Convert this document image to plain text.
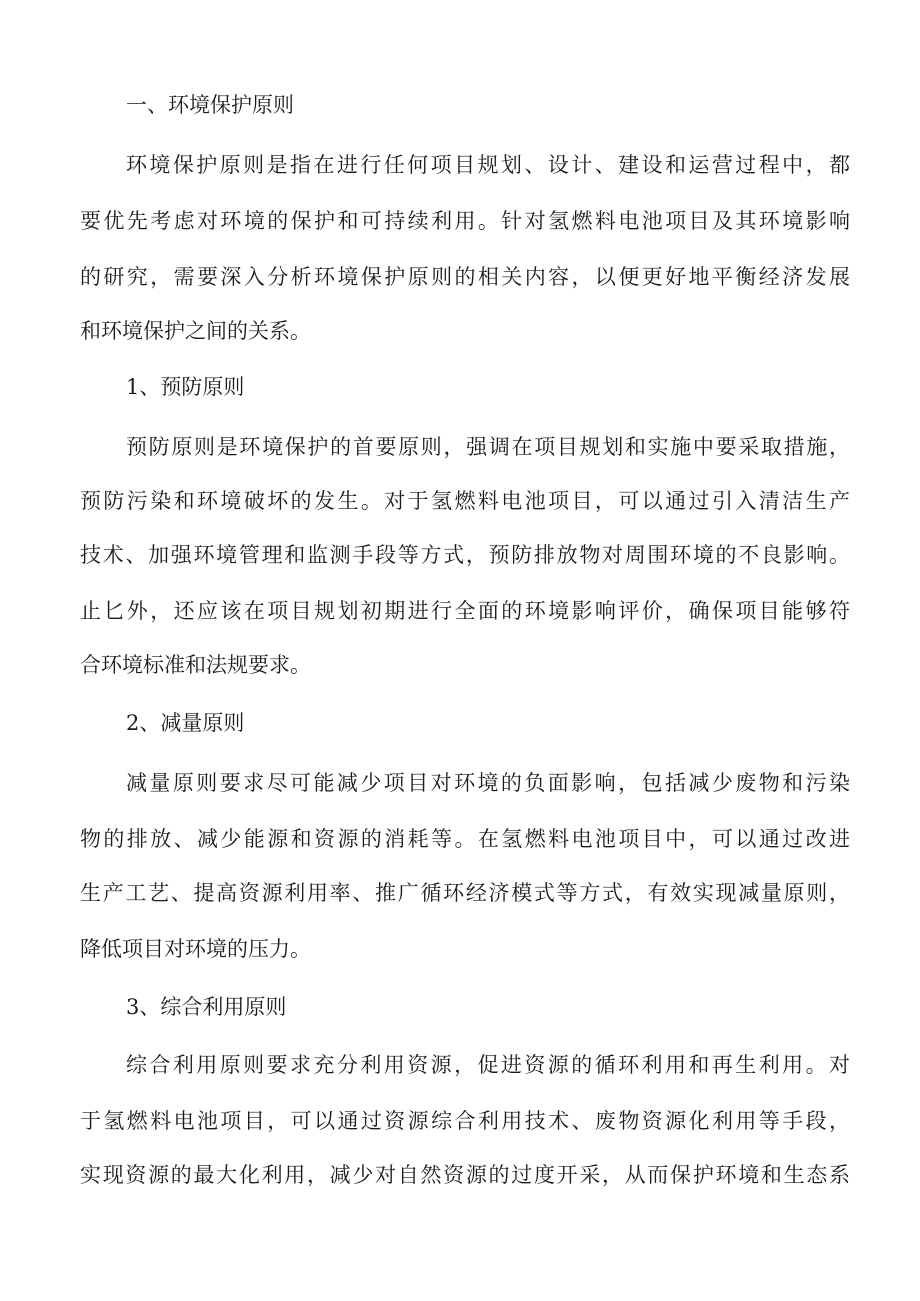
一、环境保护原则
环境保护原则是指在进行任何项目规划、设计、建设和运营过程中，都
要优先考虑对环境的保护和可持续利用。针对氢燃料电池项目及其环境影响
的研究，需要深入分析环境保护原则的相关内容，以便更好地平衡经济发展
和环境保护之间的关系。
1、预防原则
预防原则是环境保护的首要原则，强调在项目规划和实施中要采取措施，
预防污染和环境破坏的发生。对于氢燃料电池项目，可以通过引入清洁生产
技术、加强环境管理和监测手段等方式，预防排放物对周围环境的不良影响。
止匕外，还应该在项目规划初期进行全面的环境影响评价，确保项目能够符
合环境标准和法规要求。
2、减量原则
减量原则要求尽可能减少项目对环境的负面影响，包括减少废物和污染
物的排放、减少能源和资源的消耗等。在氢燃料电池项目中，可以通过改进
生产工艺、提高资源利用率、推广循环经济模式等方式，有效实现减量原则，
降低项目对环境的压力。
3、综合利用原则
综合利用原则要求充分利用资源，促进资源的循环利用和再生利用。对
于氢燃料电池项目，可以通过资源综合利用技术、废物资源化利用等手段，
实现资源的最大化利用，减少对自然资源的过度开采，从而保护环境和生态系
